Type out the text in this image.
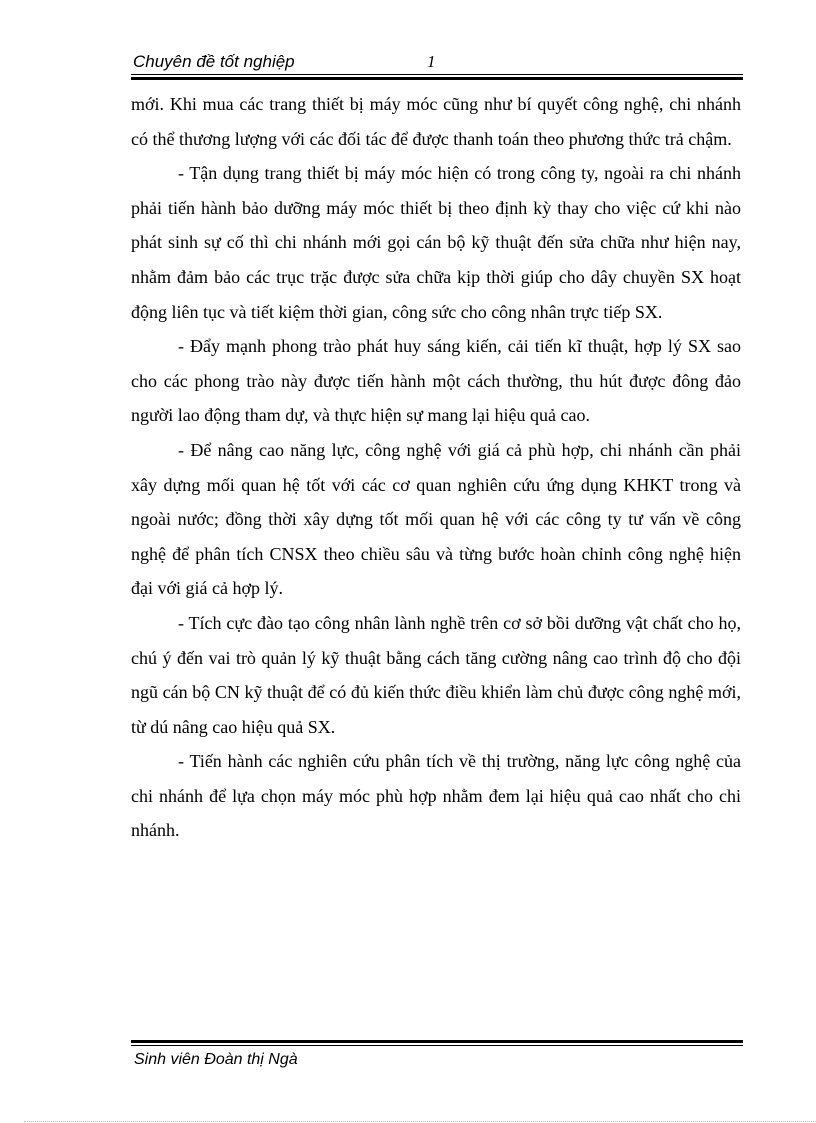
Chuyên đề tốt nghiệp	1

mới. Khi mua các trang thiết bị máy móc cũng như bí quyết công nghệ, chi nhánh có thể thương lượng với các đối tác để được thanh toán theo phương thức trả chậm.

- Tận dụng trang thiết bị máy móc hiện có trong công ty, ngoài ra chi nhánh phải tiến hành bảo dưỡng máy móc thiết bị theo định kỳ thay cho việc cứ khi nào phát sinh sự cố thì chi nhánh mới gọi cán bộ kỹ thuật đến sửa chữa như hiện nay, nhằm đảm bảo các trục trặc được sửa chữa kịp thời giúp cho dây chuyền SX hoạt động liên tục và tiết kiệm thời gian, công sức cho công nhân trực tiếp SX.

- Đẩy mạnh phong trào phát huy sáng kiến, cải tiến kĩ thuật, hợp lý SX sao cho các phong trào này được tiến hành một cách thường, thu hút được đông đảo người lao động tham dự, và thực hiện sự mang lại hiệu quả cao.

- Để nâng cao năng lực, công nghệ với giá cả phù hợp, chi nhánh cần phải xây dựng mối quan hệ tốt với các cơ quan nghiên cứu ứng dụng KHKT trong và ngoài nước; đồng thời xây dựng tốt mối quan hệ với các công ty tư vấn về công nghệ để phân tích CNSX theo chiều sâu và từng bước hoàn chỉnh công nghệ hiện đại với giá cả hợp lý.

- Tích cực đào tạo công nhân lành nghề trên cơ sở bồi dưỡng vật chất cho họ, chú ý đến vai trò quản lý kỹ thuật bằng cách tăng cường nâng cao trình độ cho đội ngũ cán bộ CN kỹ thuật để có đủ kiến thức điều khiển làm chủ được công nghệ mới, từ dú nâng cao hiệu quả SX.

- Tiến hành các nghiên cứu phân tích về thị trường, năng lực công nghệ của chi nhánh để lựa chọn máy móc phù hợp nhằm đem lại hiệu quả cao nhất cho chi nhánh.

Sinh viên Đoàn thị Ngà
